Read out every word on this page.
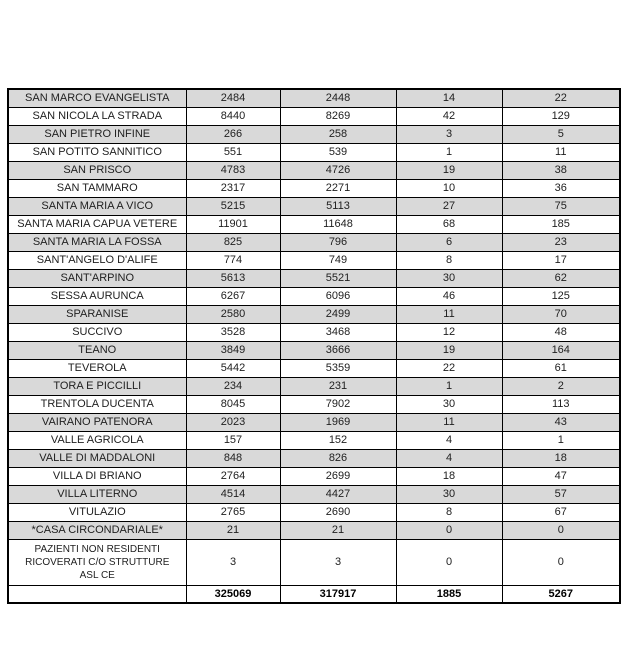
SAN MARCO EVANGELISTA	2484	2448	14	22
SAN NICOLA LA STRADA	8440	8269	42	129
SAN PIETRO INFINE	266	258	3	5
SAN POTITO SANNITICO	551	539	1	11
SAN PRISCO	4783	4726	19	38
SAN TAMMARO	2317	2271	10	36
SANTA MARIA A VICO	5215	5113	27	75
SANTA MARIA CAPUA VETERE	11901	11648	68	185
SANTA MARIA LA FOSSA	825	796	6	23
SANT'ANGELO D'ALIFE	774	749	8	17
SANT'ARPINO	5613	5521	30	62
SESSA AURUNCA	6267	6096	46	125
SPARANISE	2580	2499	11	70
SUCCIVO	3528	3468	12	48
TEANO	3849	3666	19	164
TEVEROLA	5442	5359	22	61
TORA E PICCILLI	234	231	1	2
TRENTOLA DUCENTA	8045	7902	30	113
VAIRANO PATENORA	2023	1969	11	43
VALLE AGRICOLA	157	152	4	1
VALLE DI MADDALONI	848	826	4	18
VILLA DI BRIANO	2764	2699	18	47
VILLA LITERNO	4514	4427	30	57
VITULAZIO	2765	2690	8	67
*CASA CIRCONDARIALE*	21	21	0	0
PAZIENTI NON RESIDENTI RICOVERATI C/O STRUTTURE ASL CE	3	3	0	0
	325069	317917	1885	5267
